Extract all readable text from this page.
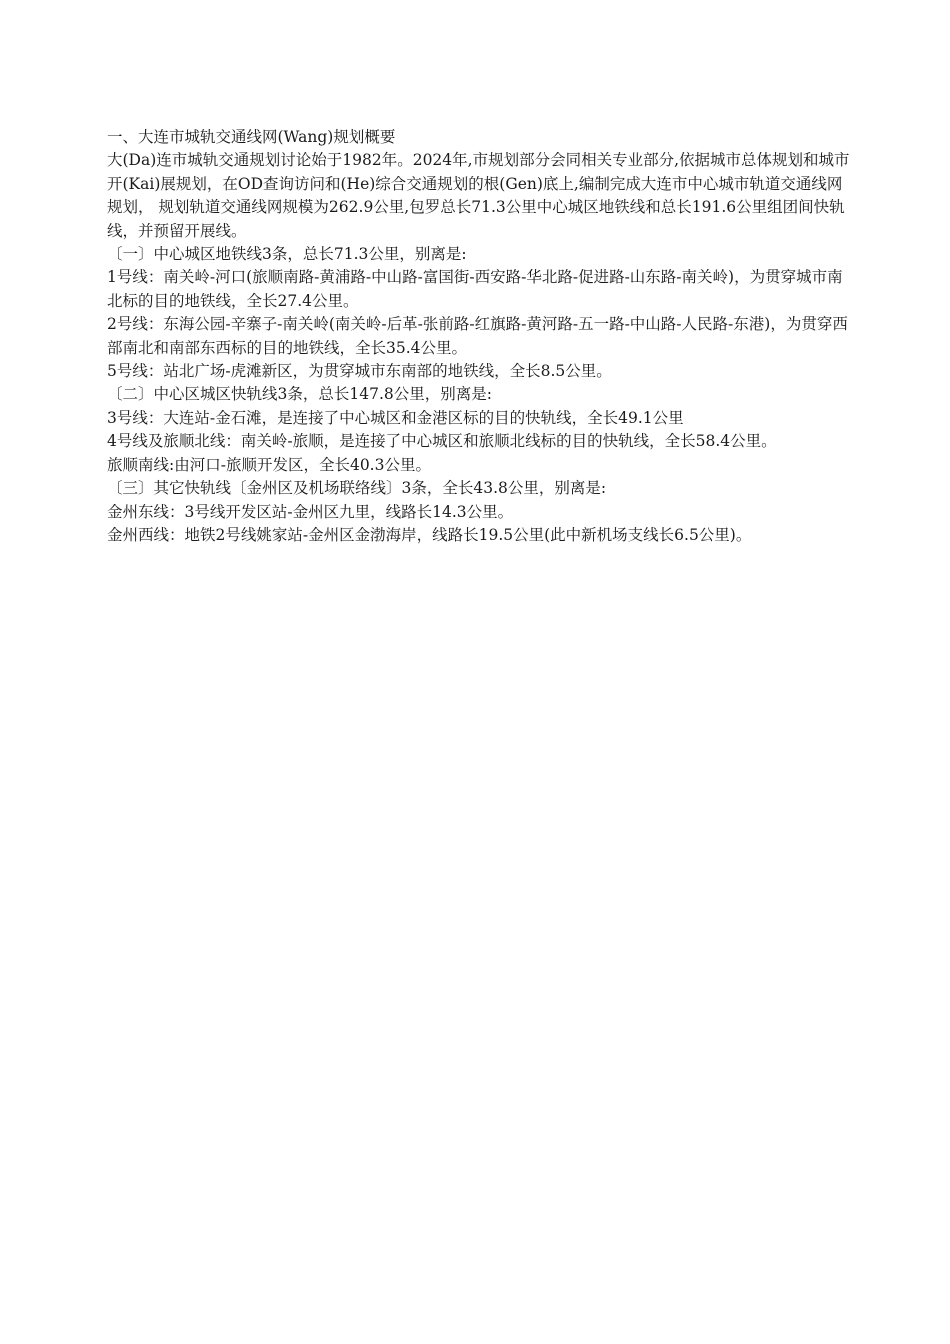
一、大连市城轨交通线网(Wang)规划概要

大(Da)连市城轨交通规划讨论始于1982年。2024年,市规划部分会同相关专业部分,依据城市总体规划和城市开(Kai)展规划，在OD查询访问和(He)综合交通规划的根(Gen)底上,编制完成大连市中心城市轨道交通线网规划， 规划轨道交通线网规模为262.9公里,包罗总长71.3公里中心城区地铁线和总长191.6公里组团间快轨线，并预留开展线。

〔一〕中心城区地铁线3条，总长71.3公里，别离是:

1号线：南关岭-河口(旅顺南路-黄浦路-中山路-富国街-西安路-华北路-促进路-山东路-南关岭)，为贯穿城市南北标的目的地铁线，全长27.4公里。

2号线：东海公园-辛寨子-南关岭(南关岭-后革-张前路-红旗路-黄河路-五一路-中山路-人民路-东港)，为贯穿西部南北和南部东西标的目的地铁线，全长35.4公里。

5号线：站北广场-虎滩新区，为贯穿城市东南部的地铁线，全长8.5公里。

〔二〕中心区城区快轨线3条，总长147.8公里，别离是:

3号线：大连站-金石滩，是连接了中心城区和金港区标的目的快轨线，全长49.1公里

4号线及旅顺北线：南关岭-旅顺，是连接了中心城区和旅顺北线标的目的快轨线，全长58.4公里。

旅顺南线:由河口-旅顺开发区，全长40.3公里。

〔三〕其它快轨线〔金州区及机场联络线〕3条，全长43.8公里，别离是:

金州东线：3号线开发区站-金州区九里，线路长14.3公里。

金州西线：地铁2号线姚家站-金州区金渤海岸，线路长19.5公里(此中新机场支线长6.5公里)。
